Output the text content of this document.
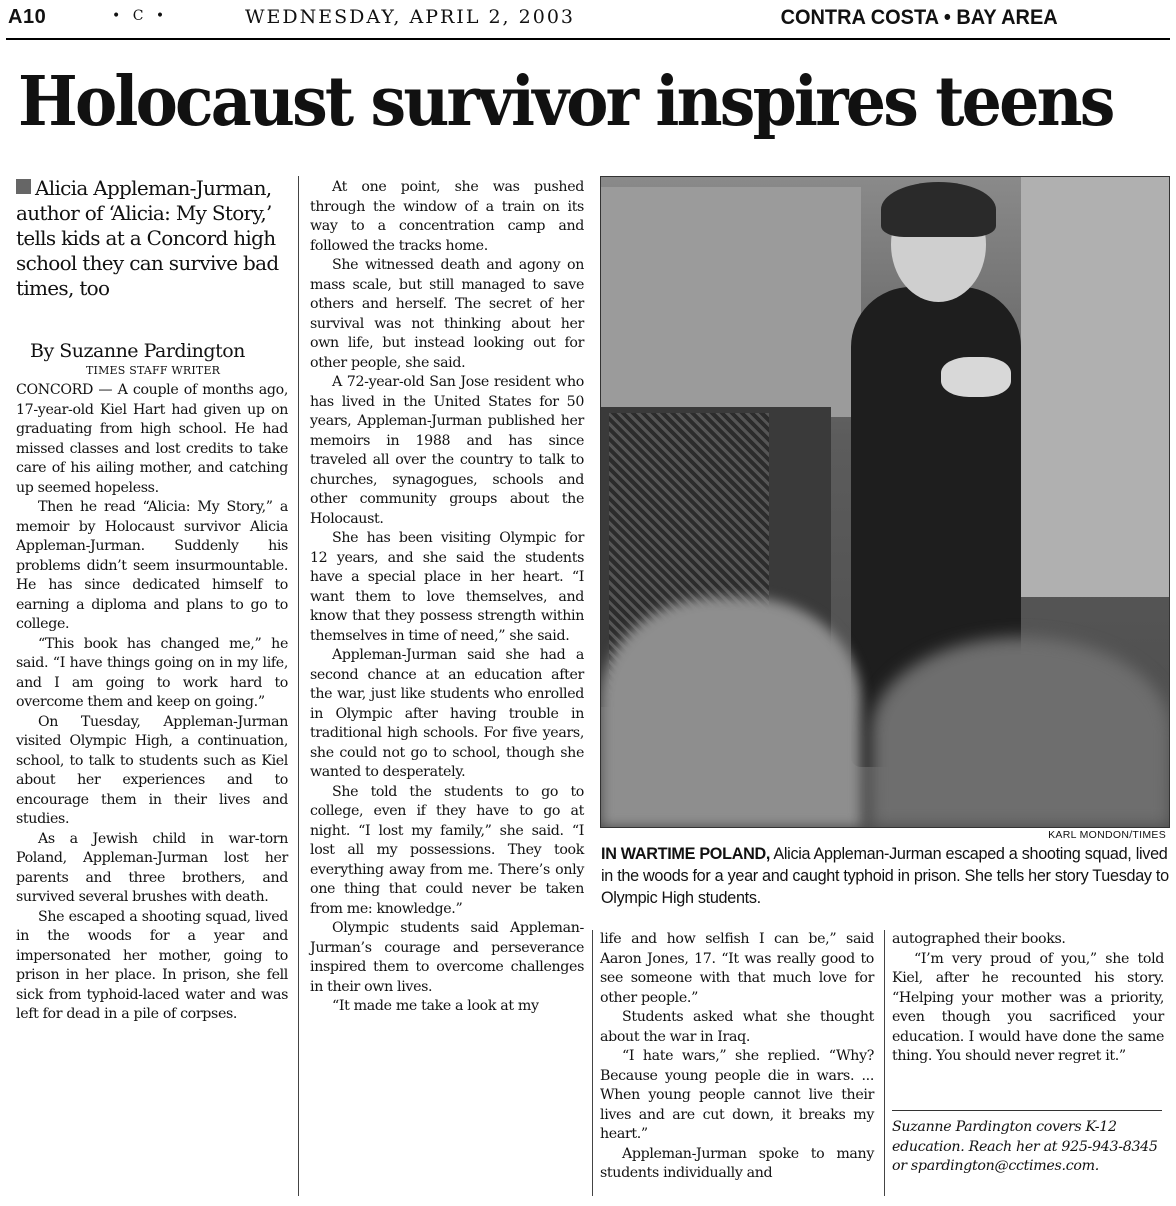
A10	• C •	WEDNESDAY, APRIL 2, 2003	CONTRA COSTA • BAY AREA
Holocaust survivor inspires teens
Alicia Appleman-Jurman, author of ‘Alicia: My Story,’ tells kids at a Concord high school they can survive bad times, too
By Suzanne Pardington
TIMES STAFF WRITER

CONCORD — A couple of months ago, 17-year-old Kiel Hart had given up on graduating from high school. He had missed classes and lost credits to take care of his ailing mother, and catching up seemed hopeless.

Then he read “Alicia: My Story,” a memoir by Holocaust survivor Alicia Appleman-Jurman. Suddenly his problems didn’t seem insurmountable. He has since dedicated himself to earning a diploma and plans to go to college.

“This book has changed me,” he said. “I have things going on in my life, and I am going to work hard to overcome them and keep on going.”

On Tuesday, Appleman-Jurman visited Olympic High, a continuation, school, to talk to students such as Kiel about her experiences and to encourage them in their lives and studies.

As a Jewish child in war-torn Poland, Appleman-Jurman lost her parents and three brothers, and survived several brushes with death.

She escaped a shooting squad, lived in the woods for a year and impersonated her mother, going to prison in her place. In prison, she fell sick from typhoid-laced water and was left for dead in a pile of corpses.

At one point, she was pushed through the window of a train on its way to a concentration camp and followed the tracks home.

She witnessed death and agony on mass scale, but still managed to save others and herself. The secret of her survival was not thinking about her own life, but instead looking out for other people, she said.

A 72-year-old San Jose resident who has lived in the United States for 50 years, Appleman-Jurman published her memoirs in 1988 and has since traveled all over the country to talk to churches, synagogues, schools and other community groups about the Holocaust.

She has been visiting Olympic for 12 years, and she said the students have a special place in her heart. “I want them to love themselves, and know that they possess strength within themselves in time of need,” she said.

Appleman-Jurman said she had a second chance at an education after the war, just like students who enrolled in Olympic after having trouble in traditional high schools. For five years, she could not go to school, though she wanted to desperately.

She told the students to go to college, even if they have to go at night. “I lost my family,” she said. “I lost all my possessions. They took everything away from me. There’s only one thing that could never be taken from me: knowledge.”

Olympic students said Appleman-Jurman’s courage and perseverance inspired them to overcome challenges in their own lives.

“It made me take a look at my

KARL MONDON/TIMES
IN WARTIME POLAND, Alicia Appleman-Jurman escaped a shooting squad, lived in the woods for a year and caught typhoid in prison. She tells her story Tuesday to Olympic High students.

life and how selfish I can be,” said Aaron Jones, 17. “It was really good to see someone with that much love for other people.”

Students asked what she thought about the war in Iraq.

“I hate wars,” she replied. “Why? Because young people die in wars. ... When young people cannot live their lives and are cut down, it breaks my heart.”

Appleman-Jurman spoke to many students individually and

autographed their books.

“I’m very proud of you,” she told Kiel, after he recounted his story. “Helping your mother was a priority, even though you sacrificed your education. I would have done the same thing. You should never regret it.”

Suzanne Pardington covers K-12 education. Reach her at 925-943-8345 or spardington@cctimes.com.
